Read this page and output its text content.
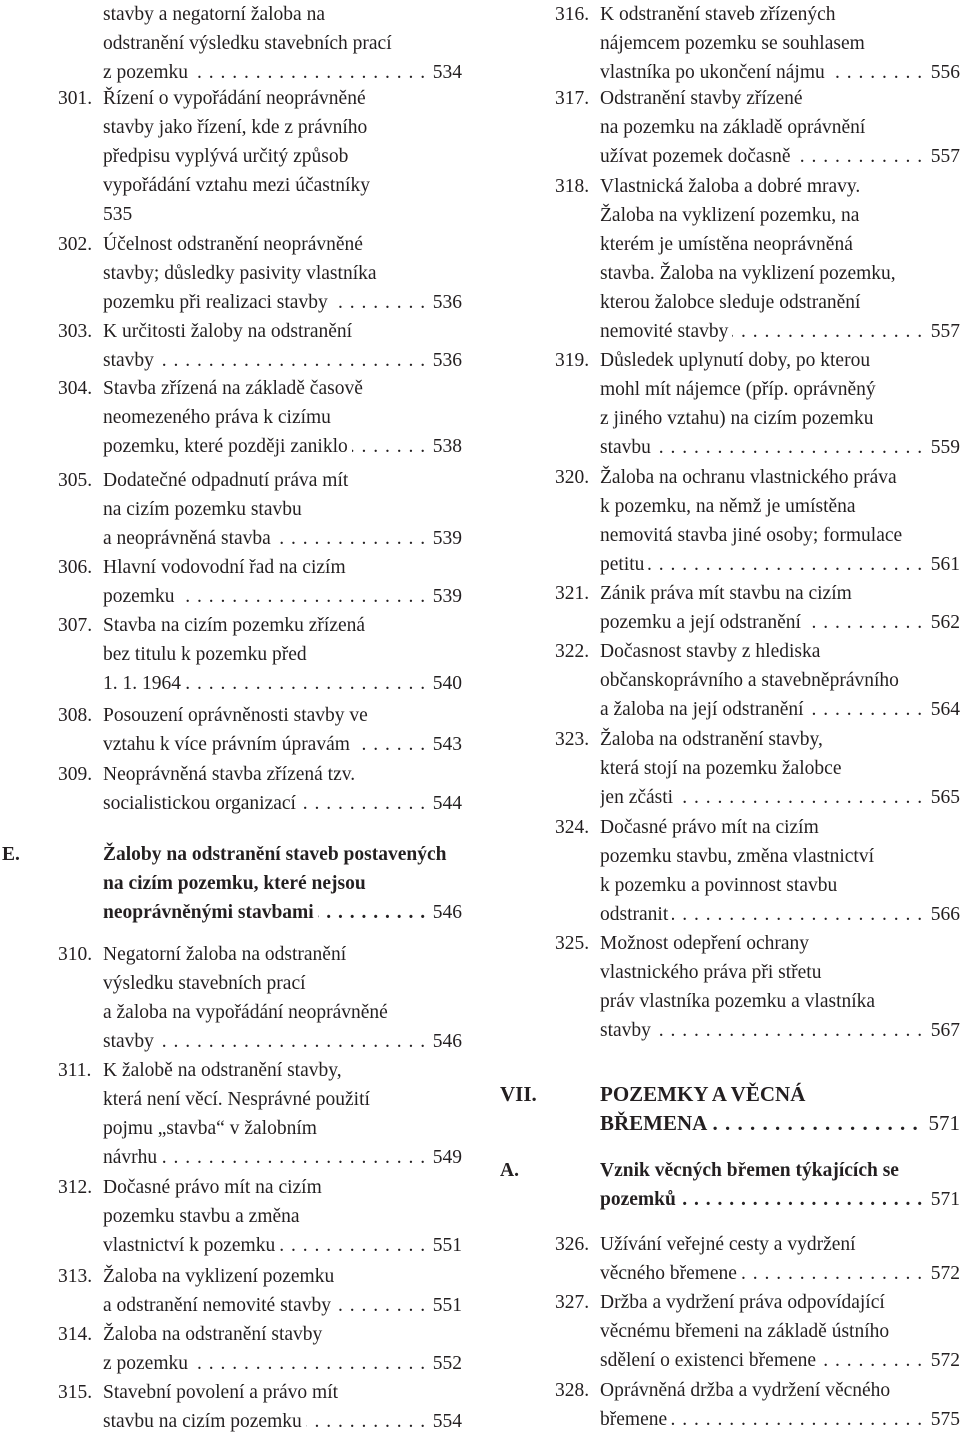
stavby a negatorní žaloba na
odstranění výsledku stavebních prací
. . . z pozemku	534
301. Řízení o vypořádání neoprávněné
stavby jako řízení, kde z právního
předpisu vyplývá určitý způsob
vypořádání vztahu mezi účastníky
535
302. Účelnost odstranění neoprávněné
stavby; důsledky pasivity vlastníka
. . . pozemku při realizaci stavby	536
303. K určitosti žaloby na odstranění
. . . stavby	536
304. Stavba zřízená na základě časově
neomezeného práva k cizímu
. . . pozemku, které později zaniklo	538
305. Dodatečné odpadnutí práva mít
na cizím pozemku stavbu
. . . a neoprávněná stavba	539
306. Hlavní vodovodní řad na cizím
. . . pozemku	539
307. Stavba na cizím pozemku zřízená
bez titulu k pozemku před
. . . 1. 1. 1964	540
308. Posouzení oprávněnosti stavby ve
. . . vztahu k více právním úpravám	543
309. Neoprávněná stavba zřízená tzv.
. . . socialistickou organizací	544
E.	Žaloby na odstranění staveb postavených
na cizím pozemku, které nejsou
. . . neoprávněnými stavbami	546
310. Negatorní žaloba na odstranění
výsledku stavebních prací
a žaloba na vypořádání neoprávněné
. . . stavby	546
311. K žalobě na odstranění stavby,
která není věcí. Nesprávné použití
pojmu „stavba“ v žalobním
. . . návrhu	549
312. Dočasné právo mít na cizím
pozemku stavbu a změna
. . . vlastnictví k pozemku	551
313. Žaloba na vyklizení pozemku
. . . a odstranění nemovité stavby	551
314. Žaloba na odstranění stavby
. . . z pozemku	552
315. Stavební povolení a právo mít
. . . stavbu na cizím pozemku	554
316. K odstranění staveb zřízených
nájemcem pozemku se souhlasem
. . . vlastníka po ukončení nájmu	556
317. Odstranění stavby zřízené
na pozemku na základě oprávnění
. . . užívat pozemek dočasně	557
318. Vlastnická žaloba a dobré mravy.
Žaloba na vyklizení pozemku, na
kterém je umístěna neoprávněná
stavba. Žaloba na vyklizení pozemku,
kterou žalobce sleduje odstranění
. . . nemovité stavby	557
319. Důsledek uplynutí doby, po kterou
mohl mít nájemce (příp. oprávněný
z jiného vztahu) na cizím pozemku
. . . stavbu	559
320. Žaloba na ochranu vlastnického práva
k pozemku, na němž je umístěna
nemovitá stavba jiné osoby; formulace
. . . petitu	561
321. Zánik práva mít stavbu na cizím
. . . pozemku a její odstranění	562
322. Dočasnost stavby z hlediska
občanskoprávního a stavebněprávního
. . . a žaloba na její odstranění	564
323. Žaloba na odstranění stavby,
která stojí na pozemku žalobce
. . . jen zčásti	565
324. Dočasné právo mít na cizím
pozemku stavbu, změna vlastnictví
k pozemku a povinnost stavbu
. . . odstranit	566
325. Možnost odepření ochrany
vlastnického práva při střetu
práv vlastníka pozemku a vlastníka
. . . stavby	567
VII.	POZEMKY A VĚCNÁ
. . . BŘEMENA	571
A.	Vznik věcných břemen týkajících se
. . . pozemků	571
326. Užívání veřejné cesty a vydržení
. . . věcného břemene	572
327. Držba a vydržení práva odpovídající
věcnému břemeni na základě ústního
. . . sdělení o existenci břemene	572
328. Oprávněná držba a vydržení věcného
. . . břemene	575
